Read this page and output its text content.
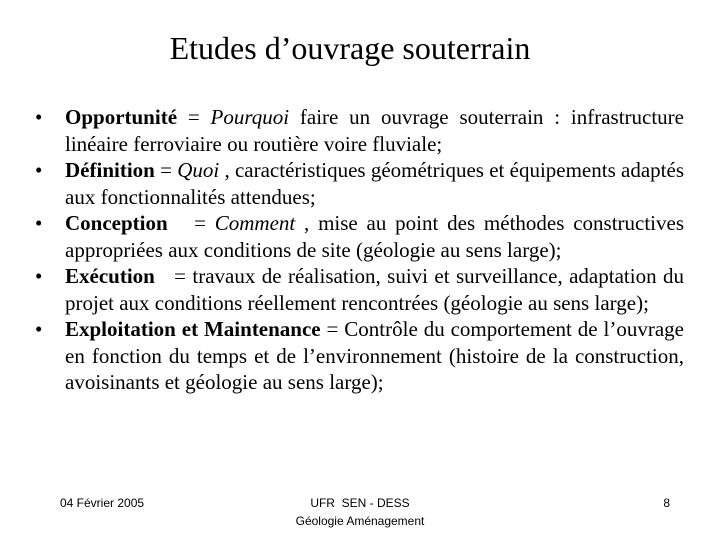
Etudes d’ouvrage souterrain
• Opportunité = Pourquoi faire un ouvrage souterrain : infrastructure linéaire ferroviaire ou routière voire fluviale;
• Définition = Quoi , caractéristiques géométriques et équipements adaptés aux fonctionnalités attendues;
• Conception   = Comment , mise au point des méthodes constructives appropriées aux conditions de site (géologie au sens large);
• Exécution   = travaux de réalisation, suivi et surveillance, adaptation du projet aux conditions réellement rencontrées (géologie au sens large);
• Exploitation et Maintenance = Contrôle du comportement de l’ouvrage en fonction du temps et de l’environnement (histoire de la construction, avoisinants et géologie au sens large);
04 Février 2005	UFR  SEN - DESS
Géologie Aménagement
8
